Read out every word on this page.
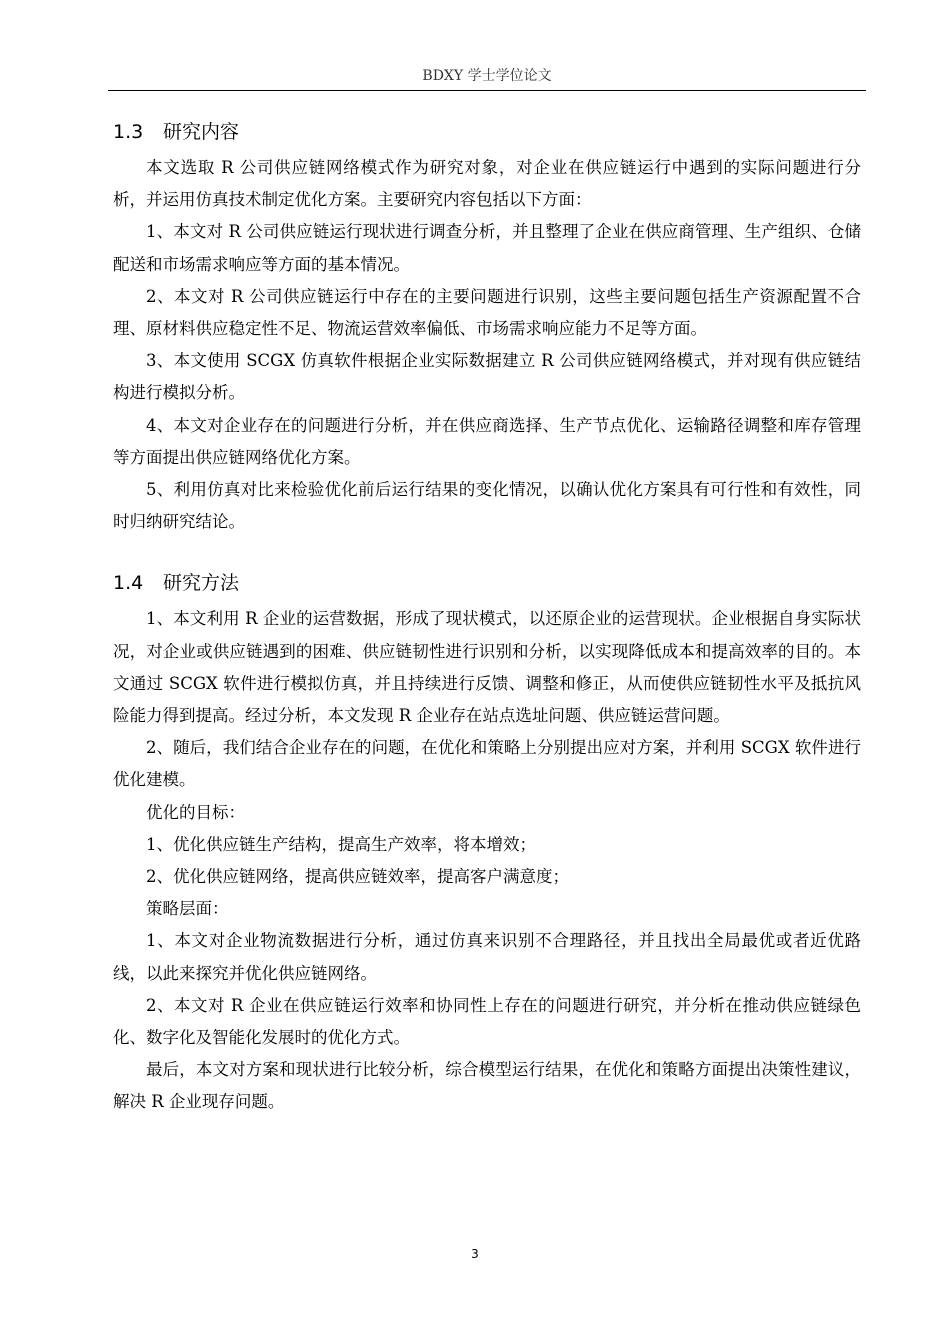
BDXY 学士学位论文
1.3 研究内容

本文选取 R 公司供应链网络模式作为研究对象，对企业在供应链运行中遇到的实际问题进行分析，并运用仿真技术制定优化方案。主要研究内容包括以下方面：

1、本文对 R 公司供应链运行现状进行调查分析，并且整理了企业在供应商管理、生产组织、仓储配送和市场需求响应等方面的基本情况。

2、本文对 R 公司供应链运行中存在的主要问题进行识别，这些主要问题包括生产资源配置不合理、原材料供应稳定性不足、物流运营效率偏低、市场需求响应能力不足等方面。

3、本文使用 SCGX 仿真软件根据企业实际数据建立 R 公司供应链网络模式，并对现有供应链结构进行模拟分析。

4、本文对企业存在的问题进行分析，并在供应商选择、生产节点优化、运输路径调整和库存管理等方面提出供应链网络优化方案。

5、利用仿真对比来检验优化前后运行结果的变化情况，以确认优化方案具有可行性和有效性，同时归纳研究结论。

1.4 研究方法

1、本文利用 R 企业的运营数据，形成了现状模式，以还原企业的运营现状。企业根据自身实际状况，对企业或供应链遇到的困难、供应链韧性进行识别和分析，以实现降低成本和提高效率的目的。本文通过 SCGX 软件进行模拟仿真，并且持续进行反馈、调整和修正，从而使供应链韧性水平及抵抗风险能力得到提高。经过分析，本文发现 R 企业存在站点选址问题、供应链运营问题。

2、随后，我们结合企业存在的问题，在优化和策略上分别提出应对方案，并利用 SCGX 软件进行优化建模。

优化的目标：

1、优化供应链生产结构，提高生产效率，将本增效；

2、优化供应链网络，提高供应链效率，提高客户满意度；

策略层面：

1、本文对企业物流数据进行分析，通过仿真来识别不合理路径，并且找出全局最优或者近优路线，以此来探究并优化供应链网络。

2、本文对 R 企业在供应链运行效率和协同性上存在的问题进行研究，并分析在推动供应链绿色化、数字化及智能化发展时的优化方式。

最后，本文对方案和现状进行比较分析，综合模型运行结果，在优化和策略方面提出决策性建议，解决 R 企业现存问题。

3
